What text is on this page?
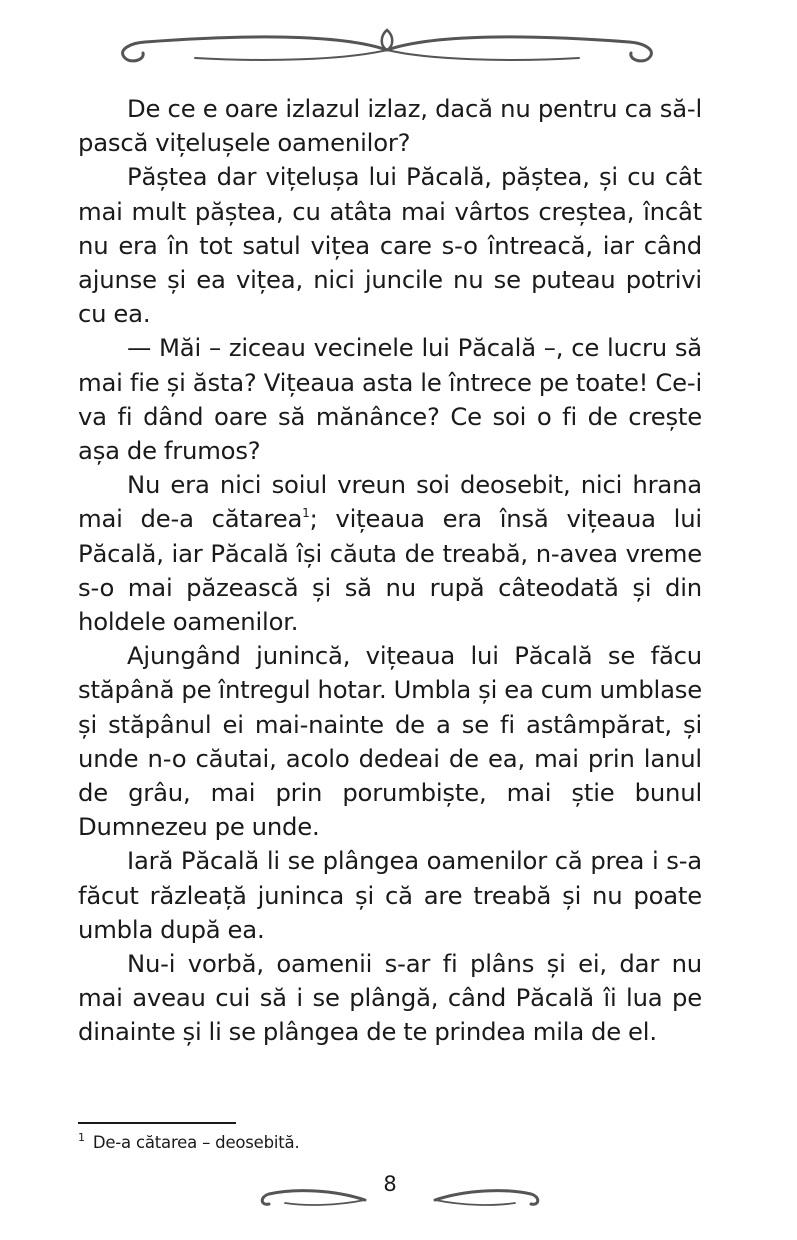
De ce e oare izlazul izlaz, dacă nu pentru ca să-l pască vițelușele oamenilor?

Păștea dar vițelușa lui Păcală, păștea, și cu cât mai mult păștea, cu atâta mai vârtos creștea, încât nu era în tot satul vițea care s-o întreacă, iar când ajunse și ea vițea, nici juncile nu se puteau potrivi cu ea.

— Măi – ziceau vecinele lui Păcală –, ce lucru să mai fie și ăsta? Vițeaua asta le întrece pe toate! Ce-i va fi dând oare să mănânce? Ce soi o fi de crește așa de frumos?

Nu era nici soiul vreun soi deosebit, nici hrana mai de-a cătarea$^1$; vițeaua era însă vițeaua lui Păcală, iar Păcală își căuta de treabă, n-avea vreme s-o mai păzească și să nu rupă câteodată și din holdele oamenilor.

Ajungând junincă, vițeaua lui Păcală se făcu stăpână pe întregul hotar. Umbla și ea cum umblase și stăpânul ei mai-nainte de a se fi astâmpărat, și unde n-o căutai, acolo dedeai de ea, mai prin lanul de grâu, mai prin porumbiște, mai știe bunul Dumnezeu pe unde.

Iară Păcală li se plângea oamenilor că prea i s-a făcut răzleață juninca și că are treabă și nu poate umbla după ea.

Nu-i vorbă, oamenii s-ar fi plâns și ei, dar nu mai aveau cui să i se plângă, când Păcală îi lua pe dinainte și li se plângea de te prindea mila de el.

$^1$ De-a cătarea – deosebită.
8
